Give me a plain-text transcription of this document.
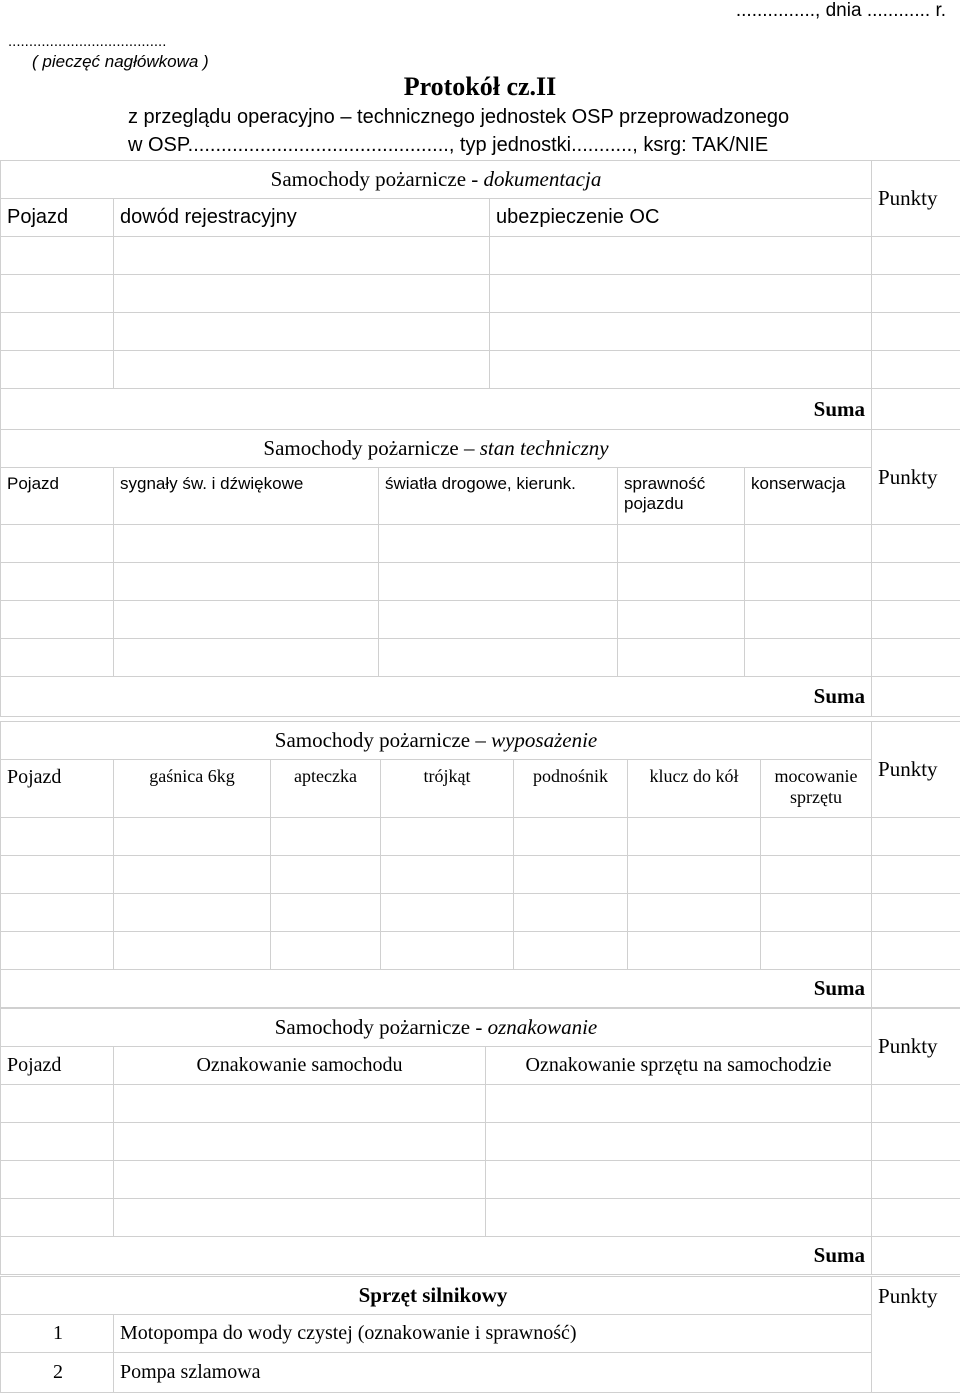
..............., dnia ............ r.
......................................
( pieczęć nagłówkowa )
Protokół cz.II
z przeglądu operacyjno – technicznego jednostek OSP przeprowadzonego
w OSP..............................................., typ jednostki..........., ksrg: TAK/NIE
Samochody pożarnicze - dokumentacja			Punkty
Pojazd	dowód rejestracyjny	ubezpieczenie OC	

Suma			
Samochody pożarnicze – stan techniczny					Punkty
Pojazd	sygnały św. i dźwiękowe	światła drogowe, kierunk.	sprawność pojazdu	konserwacja	

Suma					
Samochody pożarnicze – wyposażenie							Punkty
Pojazd	gaśnica 6kg	apteczka	trójkąt	podnośnik	klucz do kół	mocowanie sprzętu	

Suma							
Samochody pożarnicze - oznakowanie			Punkty
Pojazd	Oznakowanie samochodu	Oznakowanie sprzętu na samochodzie	

Suma			
Sprzęt silnikowy		Punkty
1	Motopompa do wody czystej (oznakowanie i sprawność)	
2	Pompa szlamowa	
